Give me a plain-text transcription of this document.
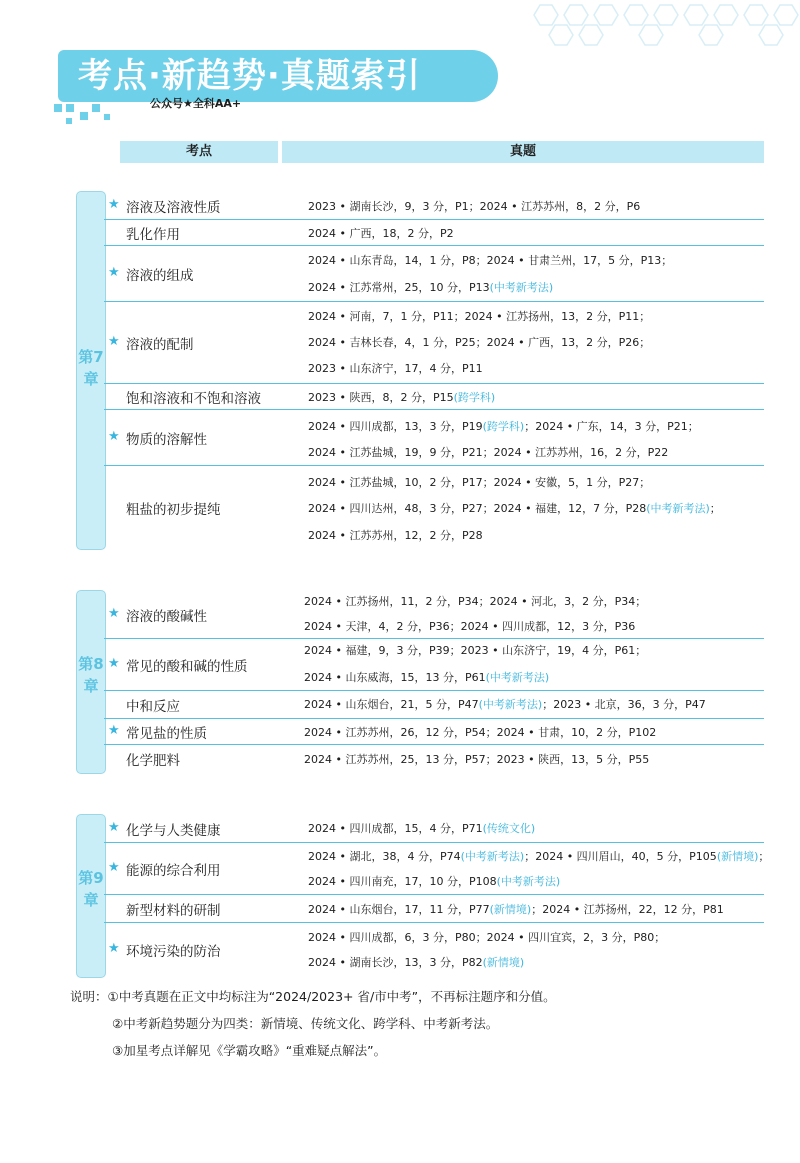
考点·新趋势·真题索引
公众号★全科AA+
考点	真题
第7章
★ 溶液及溶液性质	2023 • 湖南长沙，9，3 分，P1；2024 • 江苏苏州，8，2 分，P6
乳化作用	2024 • 广西，18，2 分，P2
★ 溶液的组成
2024 • 山东青岛，14，1 分，P8；2024 • 甘肃兰州，17，5 分，P13；
2024 • 江苏常州，25，10 分，P13(中考新考法)
★ 溶液的配制
2024 • 河南，7，1 分，P11；2024 • 江苏扬州，13，2 分，P11；
2024 • 吉林长春，4，1 分，P25；2024 • 广西，13，2 分，P26；
2023 • 山东济宁，17，4 分，P11
饱和溶液和不饱和溶液	2023 • 陕西，8，2 分，P15(跨学科)
★ 物质的溶解性
2024 • 四川成都，13，3 分，P19(跨学科)；2024 • 广东，14，3 分，P21；
2024 • 江苏盐城，19，9 分，P21；2024 • 江苏苏州，16，2 分，P22
粗盐的初步提纯
2024 • 江苏盐城，10，2 分，P17；2024 • 安徽，5，1 分，P27；
2024 • 四川达州，48，3 分，P27；2024 • 福建，12，7 分，P28(中考新考法)；
2024 • 江苏苏州，12，2 分，P28
第8章
★ 溶液的酸碱性
2024 • 江苏扬州，11，2 分，P34；2024 • 河北，3，2 分，P34；
2024 • 天津，4，2 分，P36；2024 • 四川成都，12，3 分，P36
★ 常见的酸和碱的性质
2024 • 福建，9，3 分，P39；2023 • 山东济宁，19，4 分，P61；
2024 • 山东威海，15，13 分，P61(中考新考法)
中和反应	2024 • 山东烟台，21，5 分，P47(中考新考法)；2023 • 北京，36，3 分，P47
★ 常见盐的性质	2024 • 江苏苏州，26，12 分，P54；2024 • 甘肃，10，2 分，P102
化学肥料	2024 • 江苏苏州，25，13 分，P57；2023 • 陕西，13，5 分，P55
第9章
★ 化学与人类健康	2024 • 四川成都，15，4 分，P71(传统文化)
★ 能源的综合利用
2024 • 湖北，38，4 分，P74(中考新考法)；2024 • 四川眉山，40，5 分，P105(新情境)；
2024 • 四川南充，17，10 分，P108(中考新考法)
新型材料的研制	2024 • 山东烟台，17，11 分，P77(新情境)；2024 • 江苏扬州，22，12 分，P81
★ 环境污染的防治
2024 • 四川成都，6，3 分，P80；2024 • 四川宜宾，2，3 分，P80；
2024 • 湖南长沙，13，3 分，P82(新情境)
说明：①中考真题在正文中均标注为“2024/2023+ 省/市中考”，不再标注题序和分值。
②中考新趋势题分为四类：新情境、传统文化、跨学科、中考新考法。
③加星考点详解见《学霸攻略》“重难疑点解法”。
